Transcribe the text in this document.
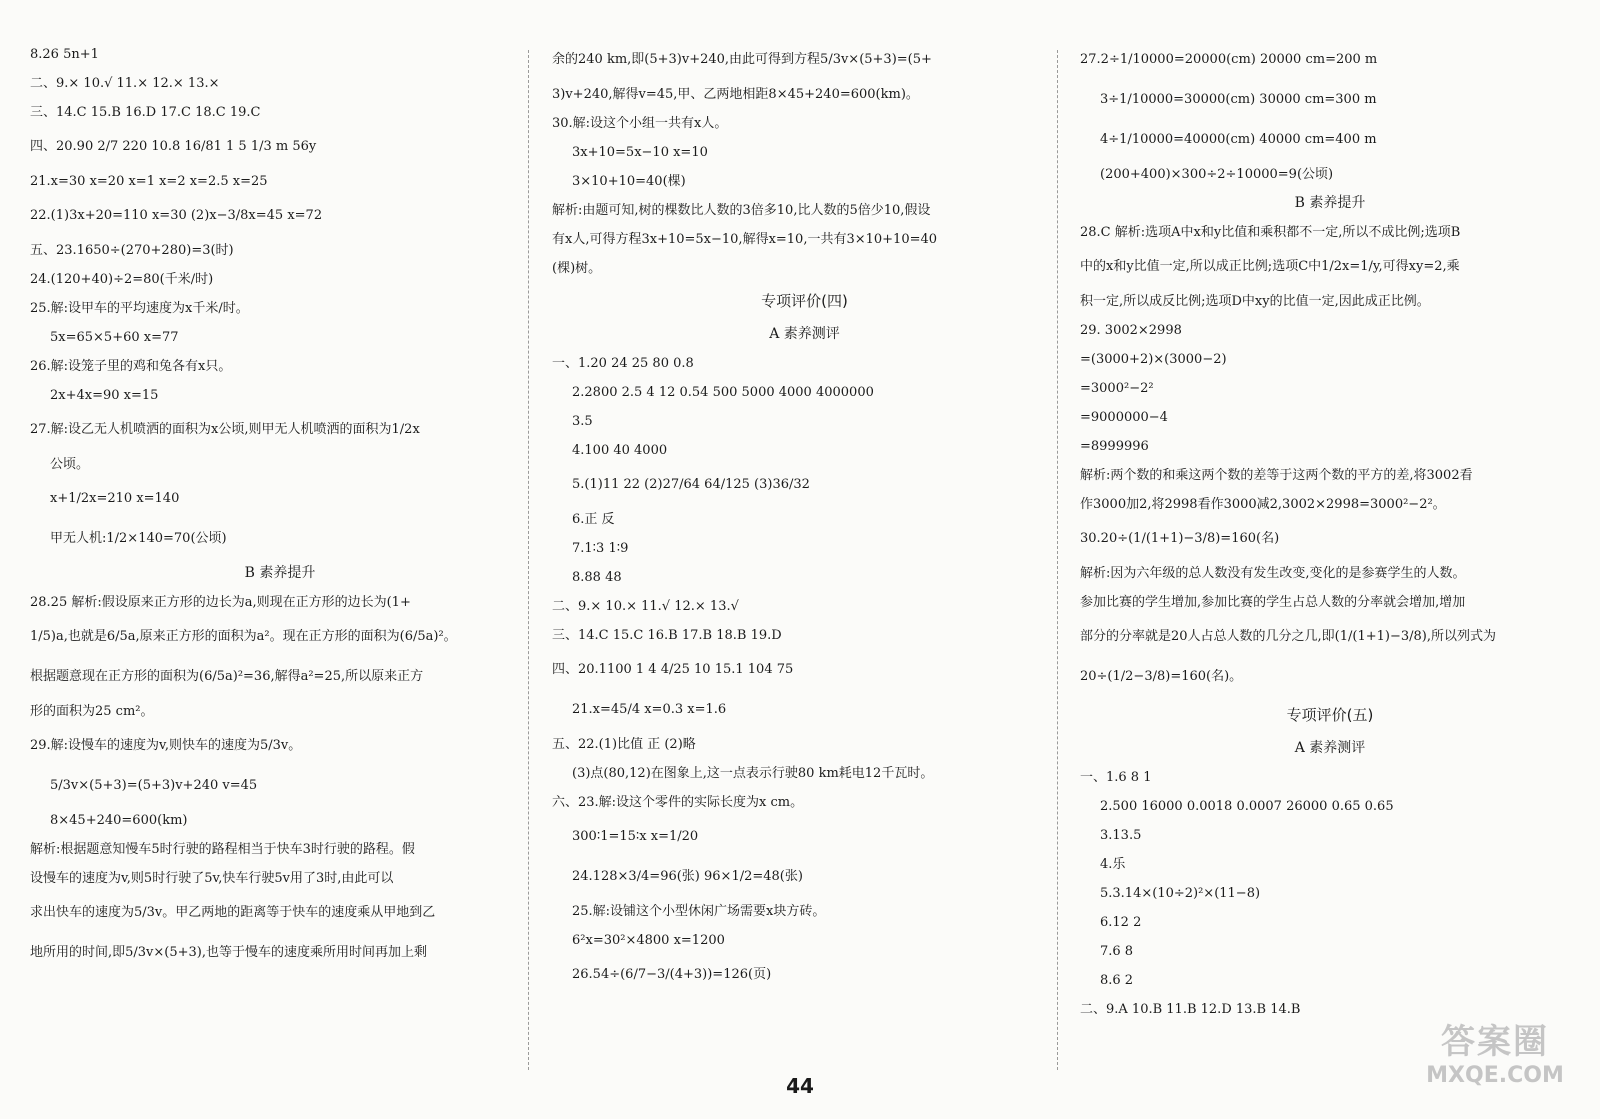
8.26 5n+1
二、9.× 10.√ 11.× 12.× 13.×
三、14.C 15.B 16.D 17.C 18.C 19.C
四、20.90 2/7 220 10.8 16/81 1 5 1/3 m 56y
21.x=30 x=20 x=1 x=2 x=2.5 x=25
22.(1)3x+20=110 x=30 (2)x−3/8x=45 x=72
五、23.1650÷(270+280)=3(时)
24.(120+40)÷2=80(千米/时)
25.解:设甲车的平均速度为x千米/时。
5x=65×5+60 x=77
26.解:设笼子里的鸡和兔各有x只。
2x+4x=90 x=15
27.解:设乙无人机喷洒的面积为x公顷,则甲无人机喷洒的面积为1/2x
公顷。
x+1/2x=210 x=140
甲无人机:1/2×140=70(公顷)
B 素养提升
28.25 解析:假设原来正方形的边长为a,则现在正方形的边长为(1+
1/5)a,也就是6/5a,原来正方形的面积为a²。现在正方形的面积为(6/5a)²。
根据题意现在正方形的面积为(6/5a)²=36,解得a²=25,所以原来正方
形的面积为25 cm²。
29.解:设慢车的速度为v,则快车的速度为5/3v。
5/3v×(5+3)=(5+3)v+240 v=45
8×45+240=600(km)
解析:根据题意知慢车5时行驶的路程相当于快车3时行驶的路程。假
设慢车的速度为v,则5时行驶了5v,快车行驶5v用了3时,由此可以
求出快车的速度为5/3v。甲乙两地的距离等于快车的速度乘从甲地到乙
地所用的时间,即5/3v×(5+3),也等于慢车的速度乘所用时间再加上剩
余的240 km,即(5+3)v+240,由此可得到方程5/3v×(5+3)=(5+
3)v+240,解得v=45,甲、乙两地相距8×45+240=600(km)。
30.解:设这个小组一共有x人。
3x+10=5x−10 x=10
3×10+10=40(棵)
解析:由题可知,树的棵数比人数的3倍多10,比人数的5倍少10,假设
有x人,可得方程3x+10=5x−10,解得x=10,一共有3×10+10=40
(棵)树。
专项评价(四)
A 素养测评
一、1.20 24 25 80 0.8
2.2800 2.5 4 12 0.54 500 5000 4000 4000000
3.5
4.100 40 4000
5.(1)11 22 (2)27/64 64/125 (3)36/32
6.正 反
7.1∶3 1∶9
8.88 48
二、9.× 10.× 11.√ 12.× 13.√
三、14.C 15.C 16.B 17.B 18.B 19.D
四、20.1100 1 4 4/25 10 15.1 104 75
21.x=45/4 x=0.3 x=1.6
五、22.(1)比值 正 (2)略
(3)点(80,12)在图象上,这一点表示行驶80 km耗电12千瓦时。
六、23.解:设这个零件的实际长度为x cm。
300∶1=15∶x x=1/20
24.128×3/4=96(张) 96×1/2=48(张)
25.解:设铺这个小型休闲广场需要x块方砖。
6²x=30²×4800 x=1200
26.54÷(6/7−3/(4+3))=126(页)
27.2÷1/10000=20000(cm) 20000 cm=200 m
3÷1/10000=30000(cm) 30000 cm=300 m
4÷1/10000=40000(cm) 40000 cm=400 m
(200+400)×300÷2÷10000=9(公顷)
B 素养提升
28.C 解析:选项A中x和y比值和乘积都不一定,所以不成比例;选项B
中的x和y比值一定,所以成正比例;选项C中1/2x=1/y,可得xy=2,乘
积一定,所以成反比例;选项D中xy的比值一定,因此成正比例。
29. 3002×2998
=(3000+2)×(3000−2)
=3000²−2²
=9000000−4
=8999996
解析:两个数的和乘这两个数的差等于这两个数的平方的差,将3002看
作3000加2,将2998看作3000减2,3002×2998=3000²−2²。
30.20÷(1/(1+1)−3/8)=160(名)
解析:因为六年级的总人数没有发生改变,变化的是参赛学生的人数。
参加比赛的学生增加,参加比赛的学生占总人数的分率就会增加,增加
部分的分率就是20人占总人数的几分之几,即(1/(1+1)−3/8),所以列式为
20÷(1/2−3/8)=160(名)。
专项评价(五)
A 素养测评
一、1.6 8 1
2.500 16000 0.0018 0.0007 26000 0.65 0.65
3.13.5
4.乐
5.3.14×(10÷2)²×(11−8)
6.12 2
7.6 8
8.6 2
二、9.A 10.B 11.B 12.D 13.B 14.B
44
答案圈
MXQE.COM
